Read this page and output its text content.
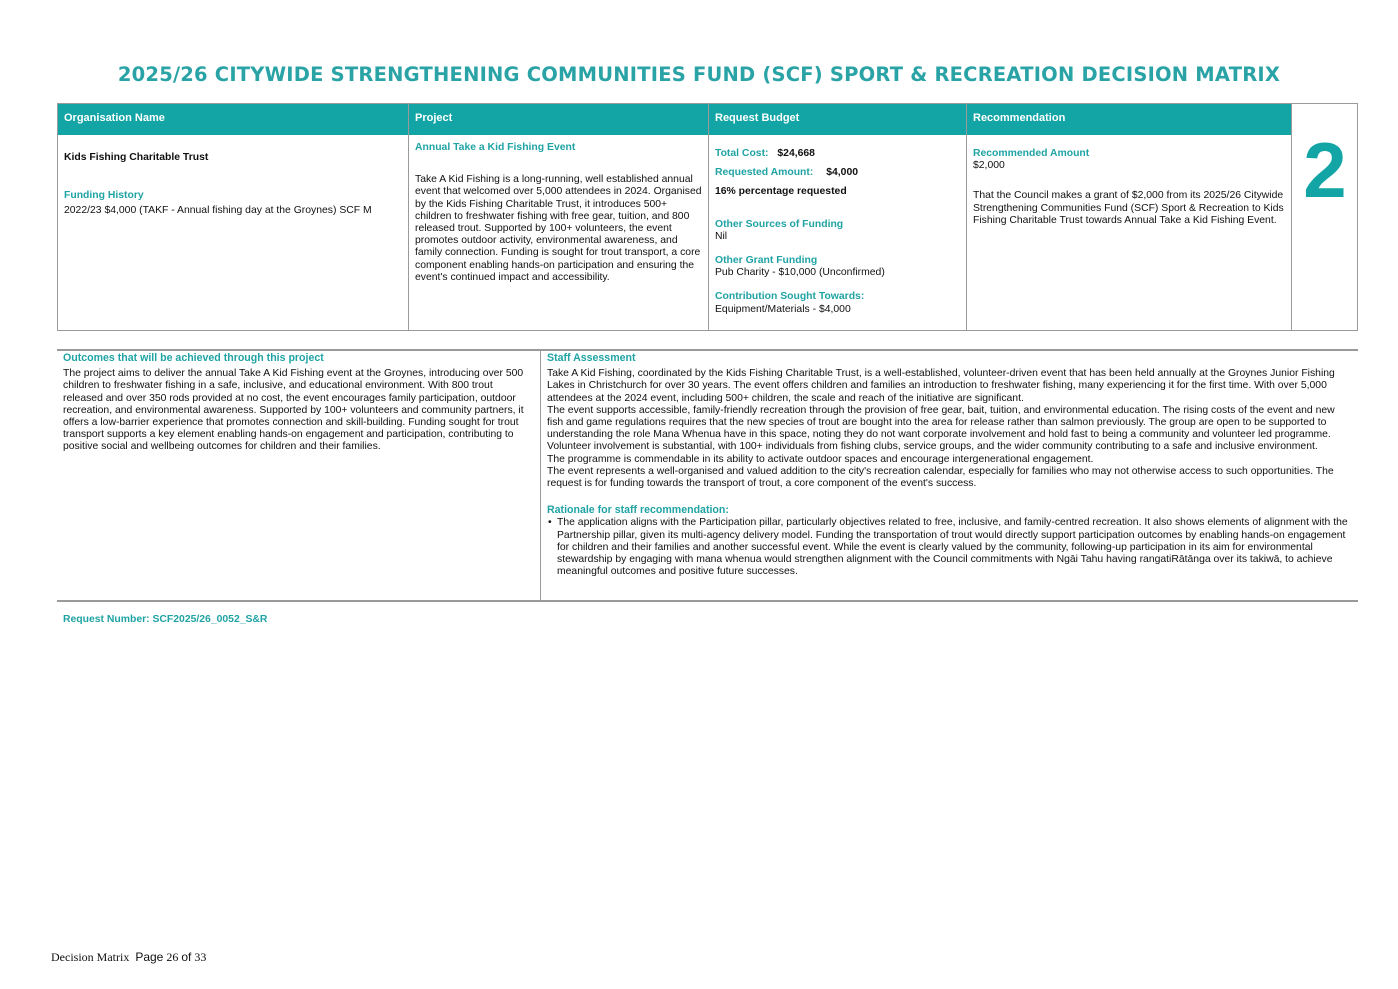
2025/26 CITYWIDE STRENGTHENING COMMUNITIES FUND (SCF) SPORT & RECREATION DECISION MATRIX
Organisation Name
Kids Fishing Charitable Trust
Funding History
2022/23 $4,000 (TAKF - Annual fishing day at the Groynes) SCF M
Project
Annual Take a Kid Fishing Event
Take A Kid Fishing is a long-running, well established annual event that welcomed over 5,000 attendees in 2024. Organised by the Kids Fishing Charitable Trust, it introduces 500+ children to freshwater fishing with free gear, tuition, and 800 released trout. Supported by 100+ volunteers, the event promotes outdoor activity, environmental awareness, and family connection. Funding is sought for trout transport, a core component enabling hands-on participation and ensuring the event's continued impact and accessibility.
Request Budget
Total Cost: $24,668
Requested Amount: $4,000
16% percentage requested
Other Sources of Funding
Nil
Other Grant Funding
Pub Charity - $10,000 (Unconfirmed)
Contribution Sought Towards:
Equipment/Materials - $4,000
Recommendation
Recommended Amount
$2,000
That the Council makes a grant of $2,000 from its 2025/26 Citywide Strengthening Communities Fund (SCF) Sport & Recreation to Kids Fishing Charitable Trust towards Annual Take a Kid Fishing Event.
2
Outcomes that will be achieved through this project

The project aims to deliver the annual Take A Kid Fishing event at the Groynes, introducing over 500 children to freshwater fishing in a safe, inclusive, and educational environment. With 800 trout released and over 350 rods provided at no cost, the event encourages family participation, outdoor recreation, and environmental awareness. Supported by 100+ volunteers and community partners, it offers a low-barrier experience that promotes connection and skill-building. Funding sought for trout transport supports a key element enabling hands-on engagement and participation, contributing to positive social and wellbeing outcomes for children and their families.

Staff Assessment

Take A Kid Fishing, coordinated by the Kids Fishing Charitable Trust, is a well-established, volunteer-driven event that has been held annually at the Groynes Junior Fishing Lakes in Christchurch for over 30 years. The event offers children and families an introduction to freshwater fishing, many experiencing it for the first time. With over 5,000 attendees at the 2024 event, including 500+ children, the scale and reach of the initiative are significant.

The event supports accessible, family-friendly recreation through the provision of free gear, bait, tuition, and environmental education. The rising costs of the event and new fish and game regulations requires that the new species of trout are bought into the area for release rather than salmon previously. The group are open to be supported to understanding the role Mana Whenua have in this space, noting they do not want corporate involvement and hold fast to being a community and volunteer led programme.

Volunteer involvement is substantial, with 100+ individuals from fishing clubs, service groups, and the wider community contributing to a safe and inclusive environment.

The programme is commendable in its ability to activate outdoor spaces and encourage intergenerational engagement.

The event represents a well-organised and valued addition to the city's recreation calendar, especially for families who may not otherwise access to such opportunities. The request is for funding towards the transport of trout, a core component of the event's success.

Rationale for staff recommendation:
• The application aligns with the Participation pillar, particularly objectives related to free, inclusive, and family-centred recreation. It also shows elements of alignment with the Partnership pillar, given its multi-agency delivery model. Funding the transportation of trout would directly support participation outcomes by enabling hands-on engagement for children and their families and another successful event. While the event is clearly valued by the community, following-up participation in its aim for environmental stewardship by engaging with mana whenua would strengthen alignment with the Council commitments with Ngāi Tahu having rangatiRātānga over its takiwā, to achieve meaningful outcomes and positive future successes.
Request Number: SCF2025/26_0052_S&R
Decision Matrix Page 26 of 33
